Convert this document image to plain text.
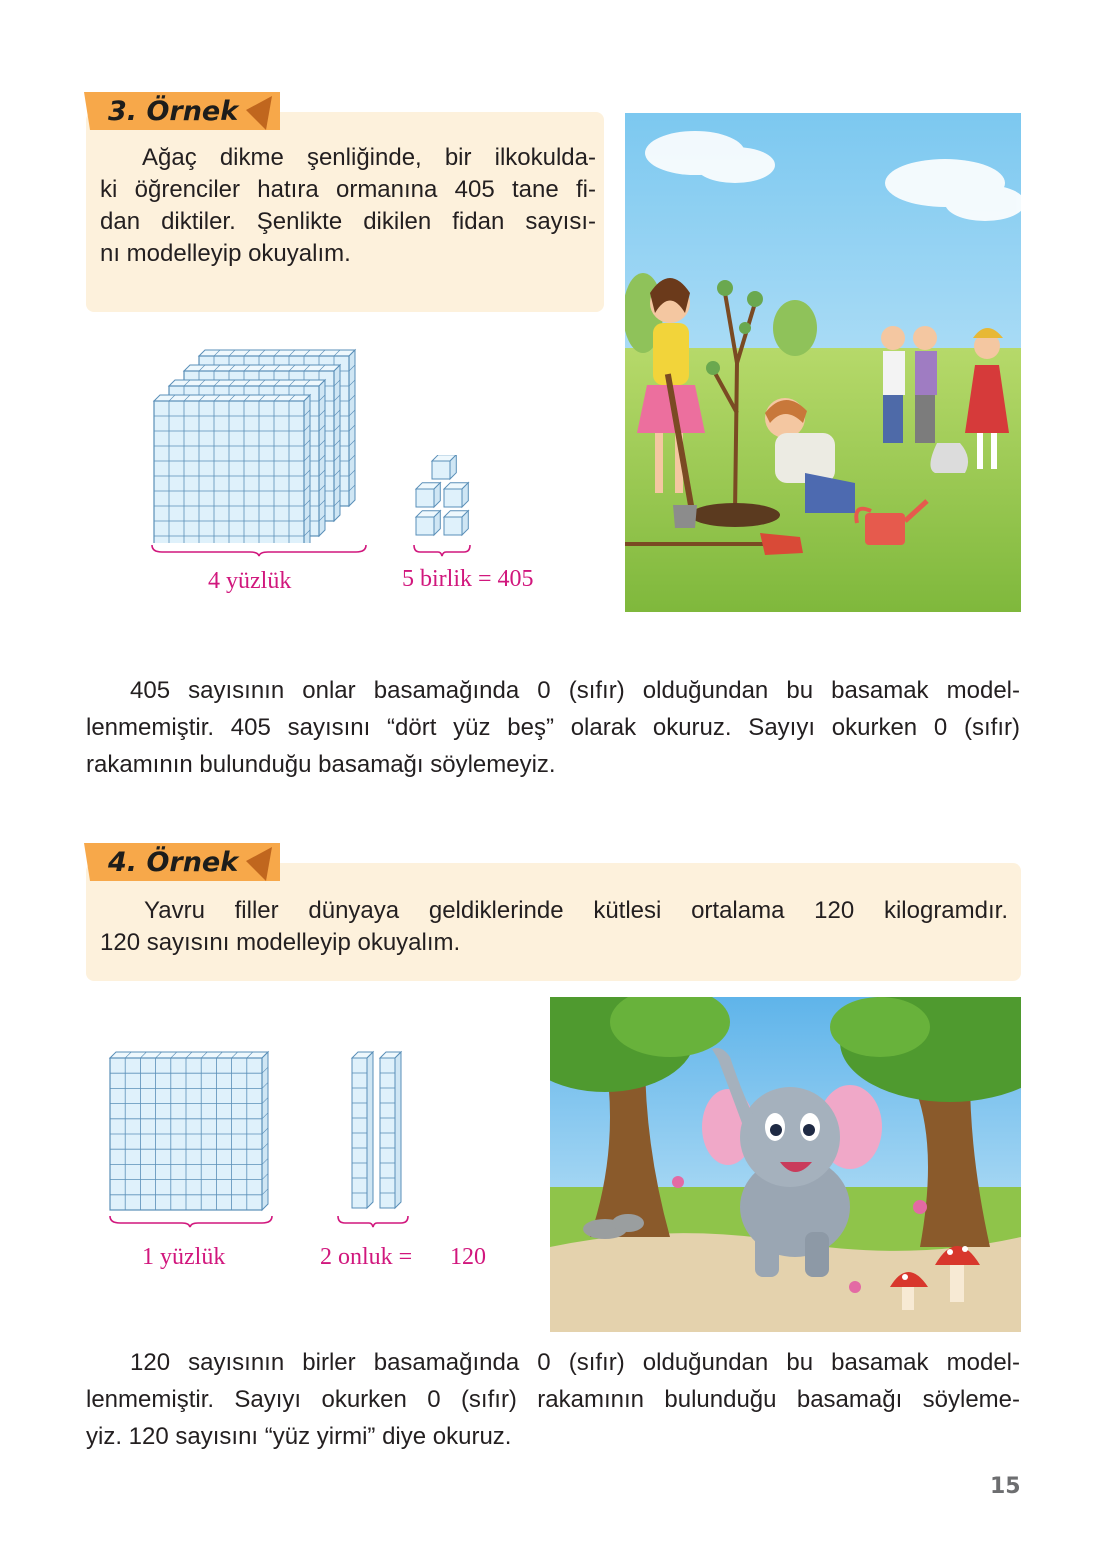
3. Örnek
Ağaç dikme şenliğinde, bir ilkokulda-
ki öğrenciler hatıra ormanına 405 tane fi-
dan diktiler. Şenlikte dikilen fidan sayısı-
nı modelleyip okuyalım.
4 yüzlük	5 birlik = 405
405 sayısının onlar basamağında 0 (sıfır) olduğundan bu basamak model-
lenmemiştir. 405 sayısını “dört yüz beş” olarak okuruz. Sayıyı okurken 0 (sıfır)
rakamının bulunduğu basamağı söylemeyiz.
4. Örnek
Yavru filler dünyaya geldiklerinde kütlesi ortalama 120 kilogramdır.
120 sayısını modelleyip okuyalım.
1 yüzlük	2 onluk = 120
120 sayısının birler basamağında 0 (sıfır) olduğundan bu basamak model-
lenmemiştir. Sayıyı okurken 0 (sıfır) rakamının bulunduğu basamağı söyleme-
yiz. 120 sayısını “yüz yirmi” diye okuruz.
15
